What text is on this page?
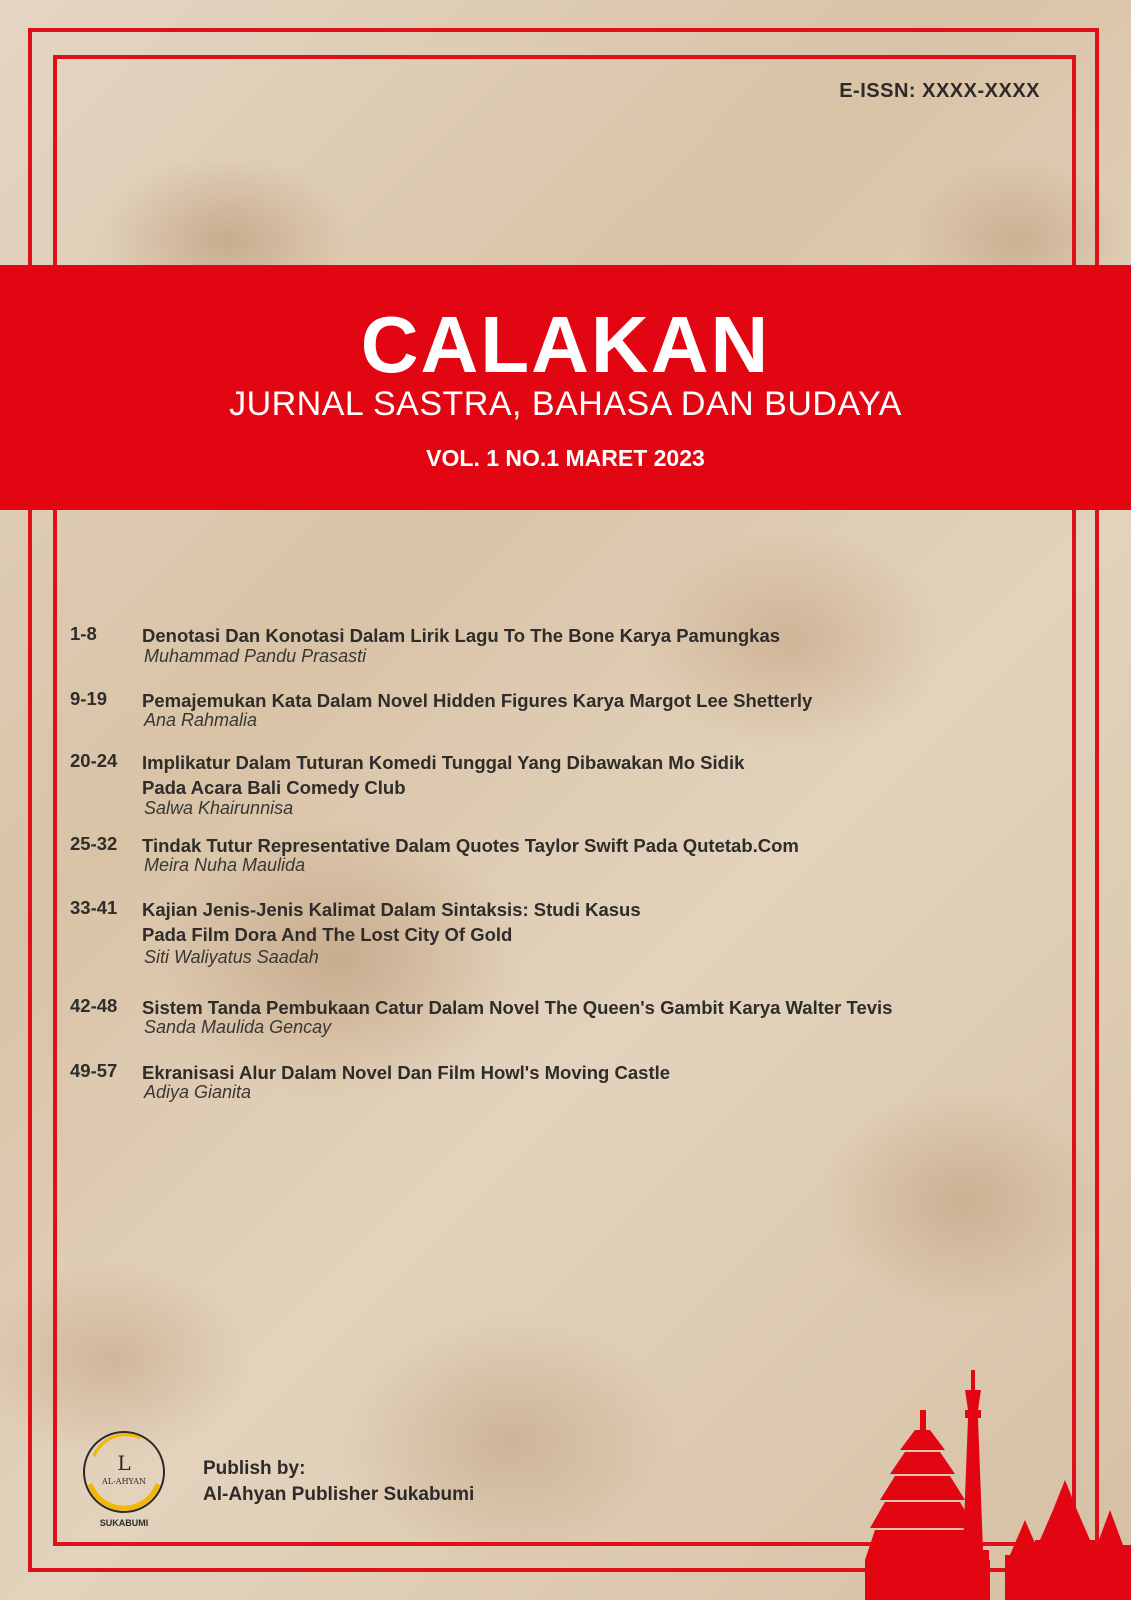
E-ISSN: XXXX-XXXX
CALAKAN
JURNAL SASTRA, BAHASA DAN BUDAYA
VOL. 1 NO.1 MARET 2023
1-8 Denotasi Dan Konotasi Dalam Lirik Lagu To The Bone Karya Pamungkas
Muhammad Pandu Prasasti
9-19 Pemajemukan Kata Dalam Novel Hidden Figures Karya Margot Lee Shetterly
Ana Rahmalia
20-24 Implikatur Dalam Tuturan Komedi Tunggal Yang Dibawakan Mo Sidik
Pada Acara Bali Comedy Club
Salwa Khairunnisa
25-32 Tindak Tutur Representative Dalam Quotes Taylor Swift Pada Qutetab.Com
Meira Nuha Maulida
33-41 Kajian Jenis-Jenis Kalimat Dalam Sintaksis: Studi Kasus
Pada Film Dora And The Lost City Of Gold
Siti Waliyatus Saadah
42-48 Sistem Tanda Pembukaan Catur Dalam Novel The Queen's Gambit Karya Walter Tevis
Sanda Maulida Gencay
49-57 Ekranisasi Alur Dalam Novel Dan Film Howl's Moving Castle
Adiya Gianita
L
AL-AHYAN
SUKABUMI
Publish by:
Al-Ahyan Publisher Sukabumi
